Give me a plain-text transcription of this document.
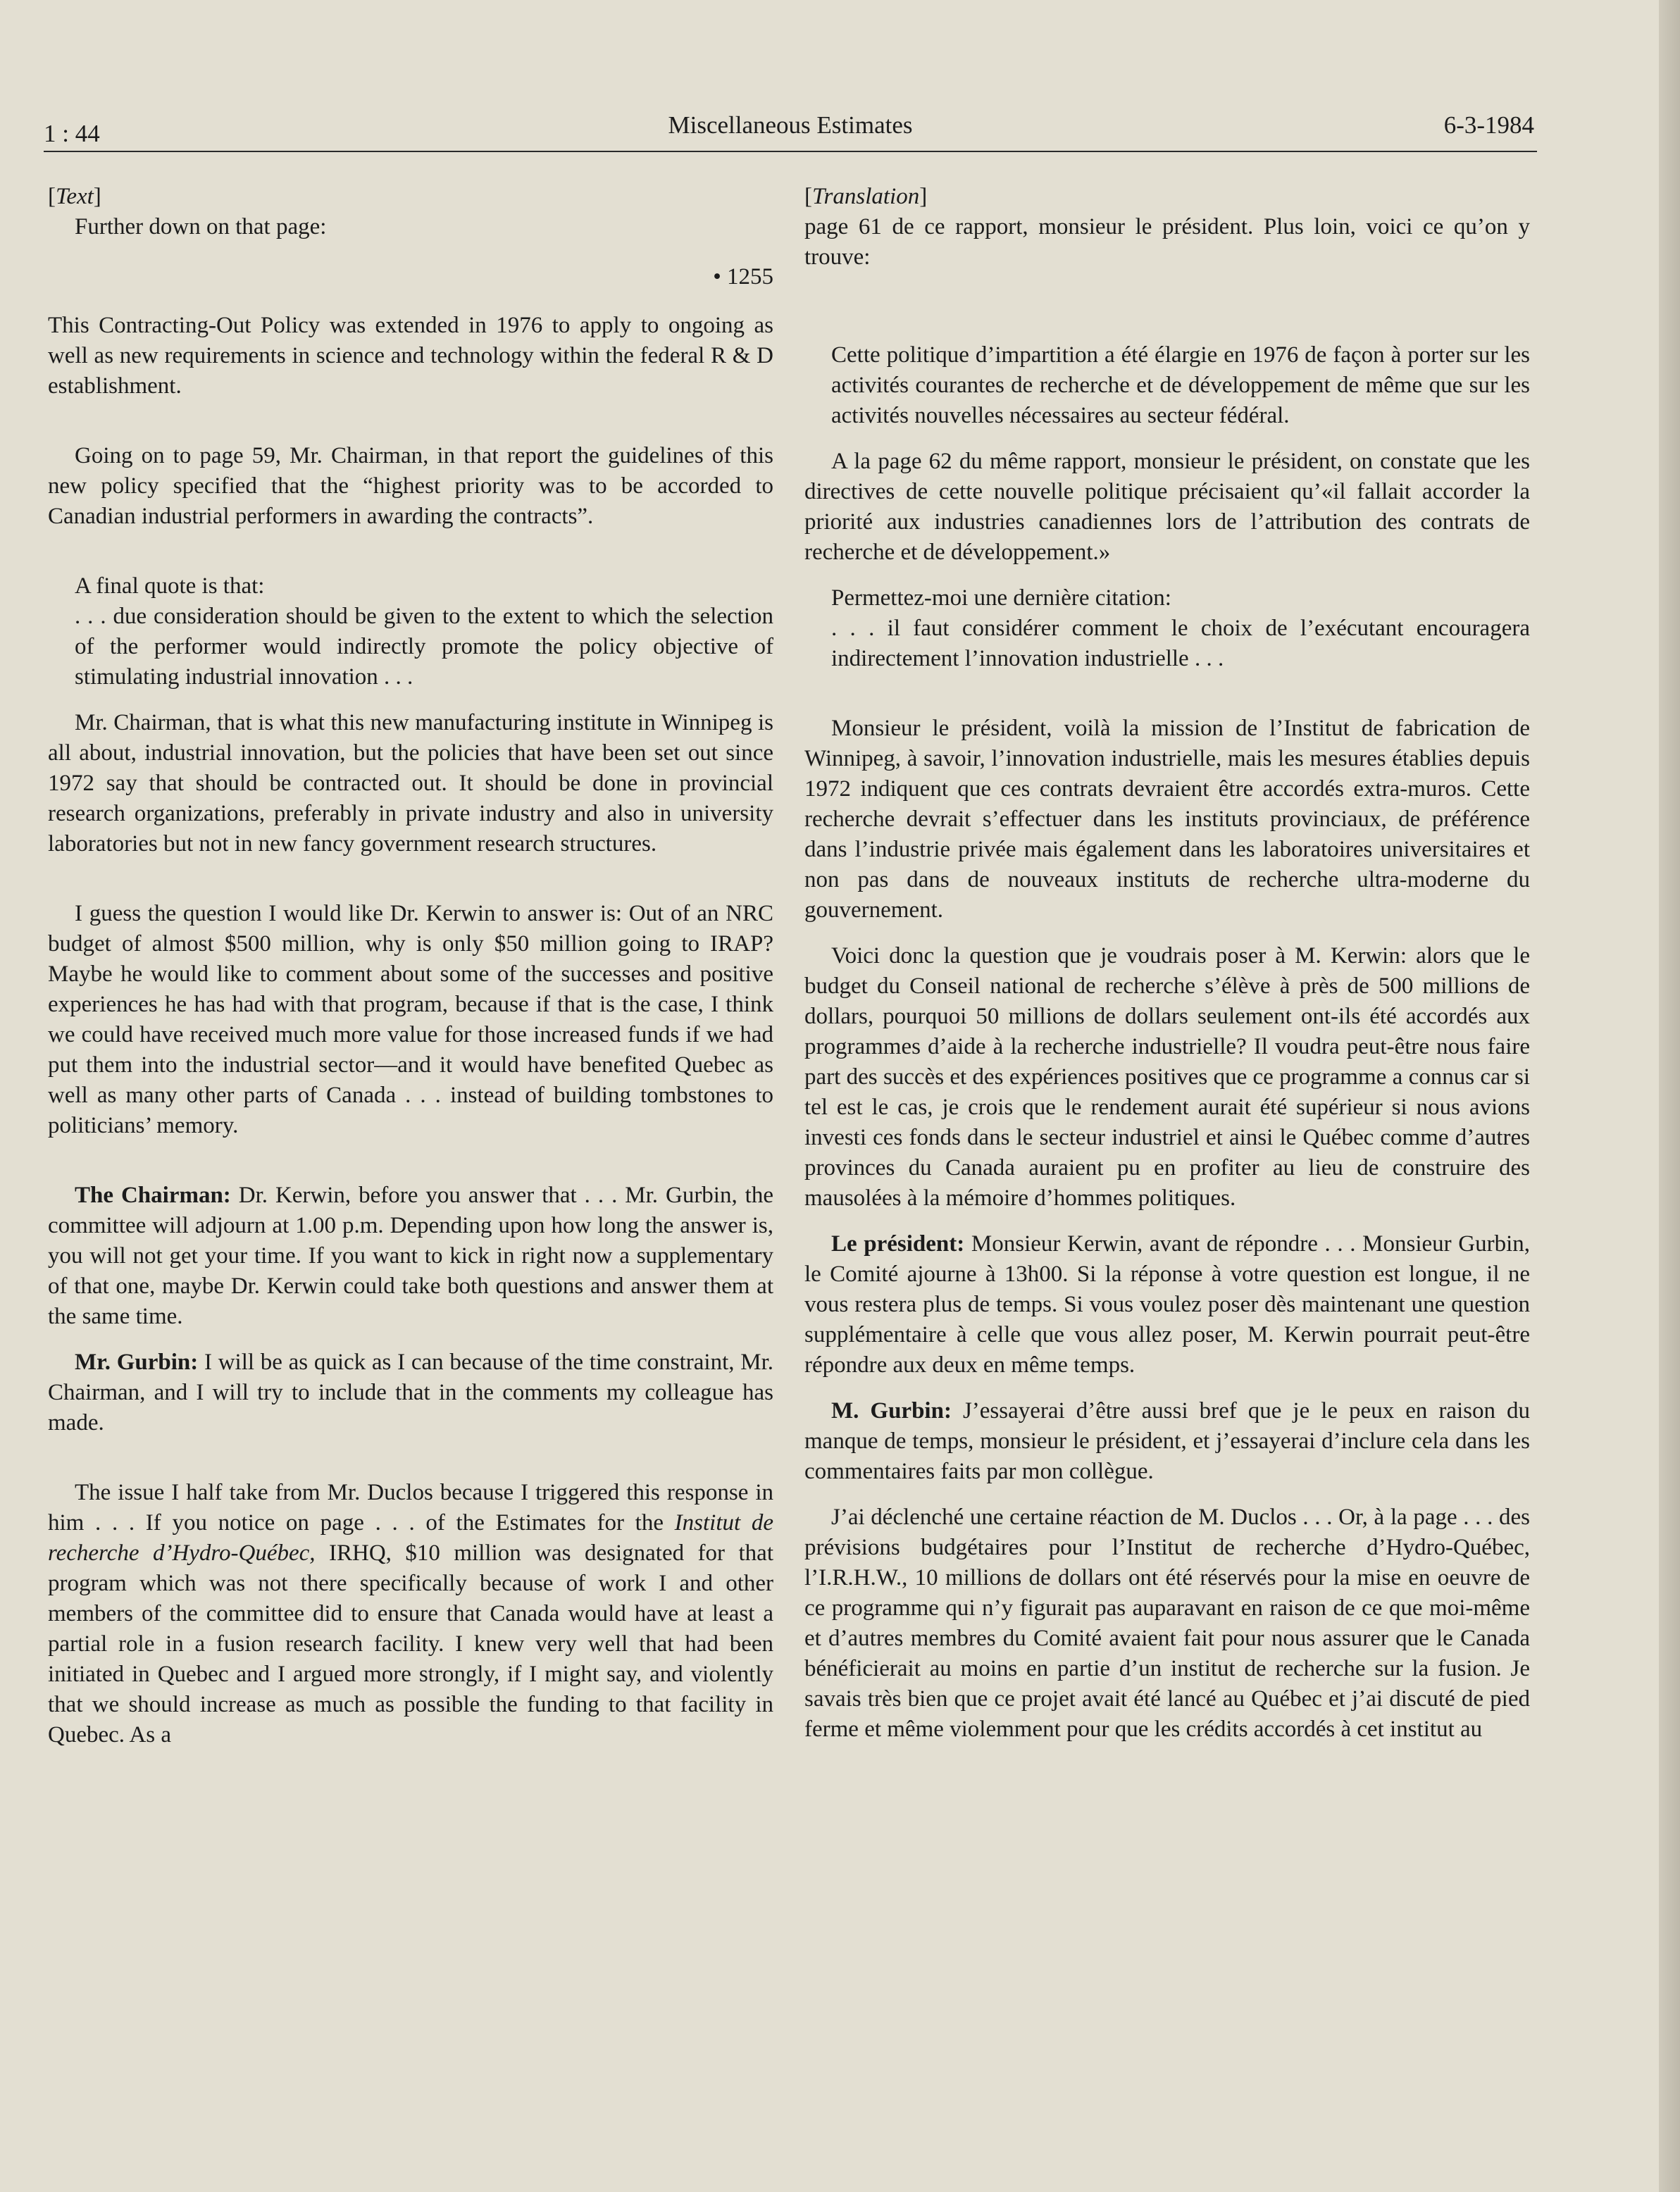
1 : 44	Miscellaneous Estimates	6-3-1984

[Text]

Further down on that page:

• 1255

This Contracting-Out Policy was extended in 1976 to apply to ongoing as well as new requirements in science and technology within the federal R & D establishment.

Going on to page 59, Mr. Chairman, in that report the guidelines of this new policy specified that the “highest priority was to be accorded to Canadian industrial performers in awarding the contracts”.

A final quote is that:

. . . due consideration should be given to the extent to which the selection of the performer would indirectly promote the policy objective of stimulating industrial innovation . . .

Mr. Chairman, that is what this new manufacturing institute in Winnipeg is all about, industrial innovation, but the policies that have been set out since 1972 say that should be contracted out. It should be done in provincial research organizations, preferably in private industry and also in university laboratories but not in new fancy government research structures.

I guess the question I would like Dr. Kerwin to answer is: Out of an NRC budget of almost $500 million, why is only $50 million going to IRAP? Maybe he would like to comment about some of the successes and positive experiences he has had with that program, because if that is the case, I think we could have received much more value for those increased funds if we had put them into the industrial sector—and it would have benefited Quebec as well as many other parts of Canada . . . instead of building tombstones to politicians’ memory.

The Chairman: Dr. Kerwin, before you answer that . . . Mr. Gurbin, the committee will adjourn at 1.00 p.m. Depending upon how long the answer is, you will not get your time. If you want to kick in right now a supplementary of that one, maybe Dr. Kerwin could take both questions and answer them at the same time.

Mr. Gurbin: I will be as quick as I can because of the time constraint, Mr. Chairman, and I will try to include that in the comments my colleague has made.

The issue I half take from Mr. Duclos because I triggered this response in him . . . If you notice on page . . . of the Estimates for the Institut de recherche d’Hydro-Québec, IRHQ, $10 million was designated for that program which was not there specifically because of work I and other members of the committee did to ensure that Canada would have at least a partial role in a fusion research facility. I knew very well that had been initiated in Quebec and I argued more strongly, if I might say, and violently that we should increase as much as possible the funding to that facility in Quebec. As a

[Translation]

page 61 de ce rapport, monsieur le président. Plus loin, voici ce qu’on y trouve:

Cette politique d’impartition a été élargie en 1976 de façon à porter sur les activités courantes de recherche et de développement de même que sur les activités nouvelles nécessaires au secteur fédéral.

A la page 62 du même rapport, monsieur le président, on constate que les directives de cette nouvelle politique précisaient qu’«il fallait accorder la priorité aux industries canadiennes lors de l’attribution des contrats de recherche et de développement.»

Permettez-moi une dernière citation:

. . . il faut considérer comment le choix de l’exécutant encouragera indirectement l’innovation industrielle . . .

Monsieur le président, voilà la mission de l’Institut de fabrication de Winnipeg, à savoir, l’innovation industrielle, mais les mesures établies depuis 1972 indiquent que ces contrats devraient être accordés extra-muros. Cette recherche devrait s’effectuer dans les instituts provinciaux, de préférence dans l’industrie privée mais également dans les laboratoires universitaires et non pas dans de nouveaux instituts de recherche ultra-moderne du gouvernement.

Voici donc la question que je voudrais poser à M. Kerwin: alors que le budget du Conseil national de recherche s’élève à près de 500 millions de dollars, pourquoi 50 millions de dollars seulement ont-ils été accordés aux programmes d’aide à la recherche industrielle? Il voudra peut-être nous faire part des succès et des expériences positives que ce programme a connus car si tel est le cas, je crois que le rendement aurait été supérieur si nous avions investi ces fonds dans le secteur industriel et ainsi le Québec comme d’autres provinces du Canada auraient pu en profiter au lieu de construire des mausolées à la mémoire d’hommes politiques.

Le président: Monsieur Kerwin, avant de répondre . . . Monsieur Gurbin, le Comité ajourne à 13h00. Si la réponse à votre question est longue, il ne vous restera plus de temps. Si vous voulez poser dès maintenant une question supplémentaire à celle que vous allez poser, M. Kerwin pourrait peut-être répondre aux deux en même temps.

M. Gurbin: J’essayerai d’être aussi bref que je le peux en raison du manque de temps, monsieur le président, et j’essayerai d’inclure cela dans les commentaires faits par mon collègue.

J’ai déclenché une certaine réaction de M. Duclos . . . Or, à la page . . . des prévisions budgétaires pour l’Institut de recherche d’Hydro-Québec, l’I.R.H.W., 10 millions de dollars ont été réservés pour la mise en oeuvre de ce programme qui n’y figurait pas auparavant en raison de ce que moi-même et d’autres membres du Comité avaient fait pour nous assurer que le Canada bénéficierait au moins en partie d’un institut de recherche sur la fusion. Je savais très bien que ce projet avait été lancé au Québec et j’ai discuté de pied ferme et même violemment pour que les crédits accordés à cet institut au
